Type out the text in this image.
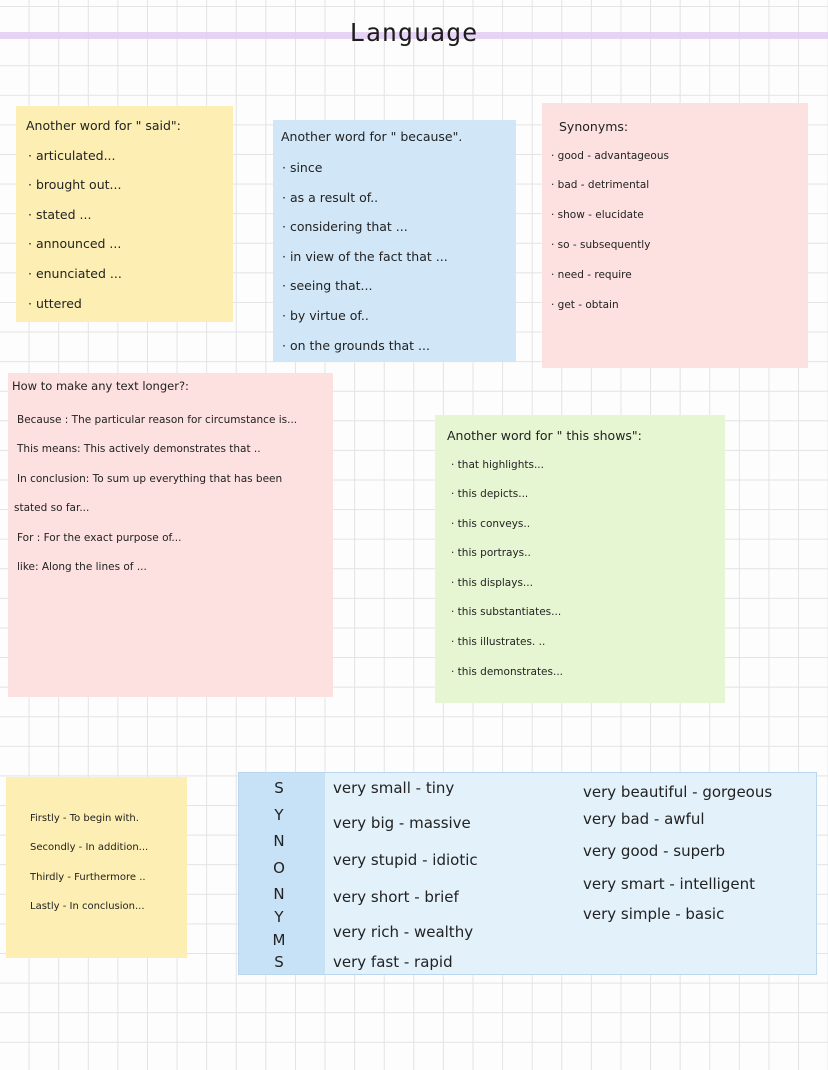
Language
Another word for " said":
· articulated...
· brought out...
· stated ...
· announced ...
· enunciated ...
· uttered
Another word for " because".
· since
· as a result of..
· considering that ...
· in view of the fact that ...
· seeing that...
· by virtue of..
· on the grounds that ...
Synonyms:
· good - advantageous
· bad - detrimental
· show - elucidate
· so - subsequently
· need - require
· get - obtain
How to make any text longer?:
Because : The particular reason for circumstance is...
This means: This actively demonstrates that ..
In conclusion: To sum up everything that has been
stated so far...
For : For the exact purpose of...
like: Along the lines of ...
Another word for " this shows":
· that highlights...
· this depicts...
· this conveys..
· this portrays..
· this displays...
· this substantiates...
· this illustrates. ..
· this demonstrates...
Firstly - To begin with.
Secondly - In addition...
Thirdly - Furthermore ..
Lastly - In conclusion...
S
Y
N
O
N
Y
M
S
very small - tiny
very big - massive
very stupid - idiotic
very short - brief
very rich - wealthy
very fast - rapid
very beautiful - gorgeous
very bad - awful
very good - superb
very smart - intelligent
very simple - basic
